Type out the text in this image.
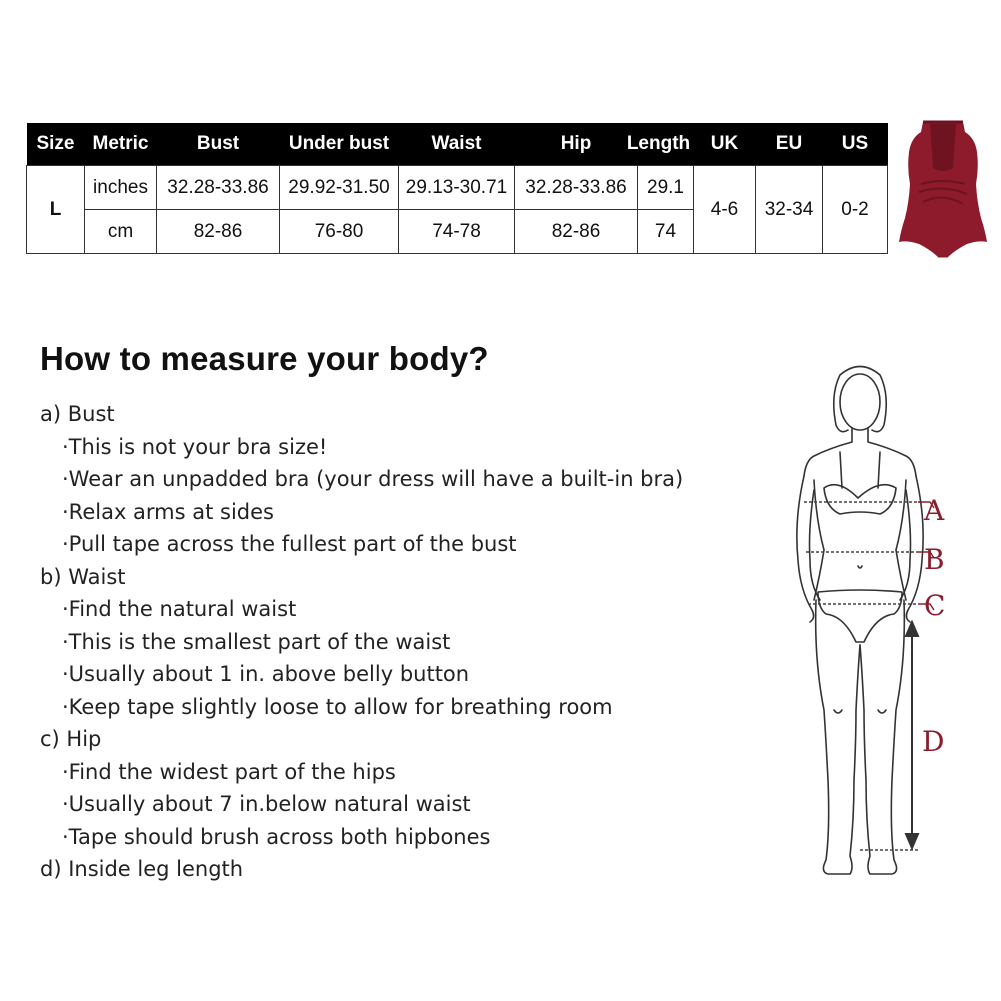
Size	Metric	Bust	Under bust	Waist	Hip	Length	UK	EU	US
L	inches	32.28-33.86	29.92-31.50	29.13-30.71	32.28-33.86	29.1	4-6	32-34	0-2
	cm	82-86	76-80	74-78	82-86	74			
How to measure your body?
a) Bust
·This is not your bra size!
·Wear an unpadded bra (your dress will have a built-in bra)
·Relax arms at sides
·Pull tape across the fullest part of the bust
b) Waist
·Find the natural waist
·This is the smallest part of the waist
·Usually about 1 in. above belly button
·Keep tape slightly loose to allow for breathing room
c) Hip
·Find the widest part of the hips
·Usually about 7 in.below natural waist
·Tape should brush across both hipbones
d) Inside leg length
A
B
C
D
